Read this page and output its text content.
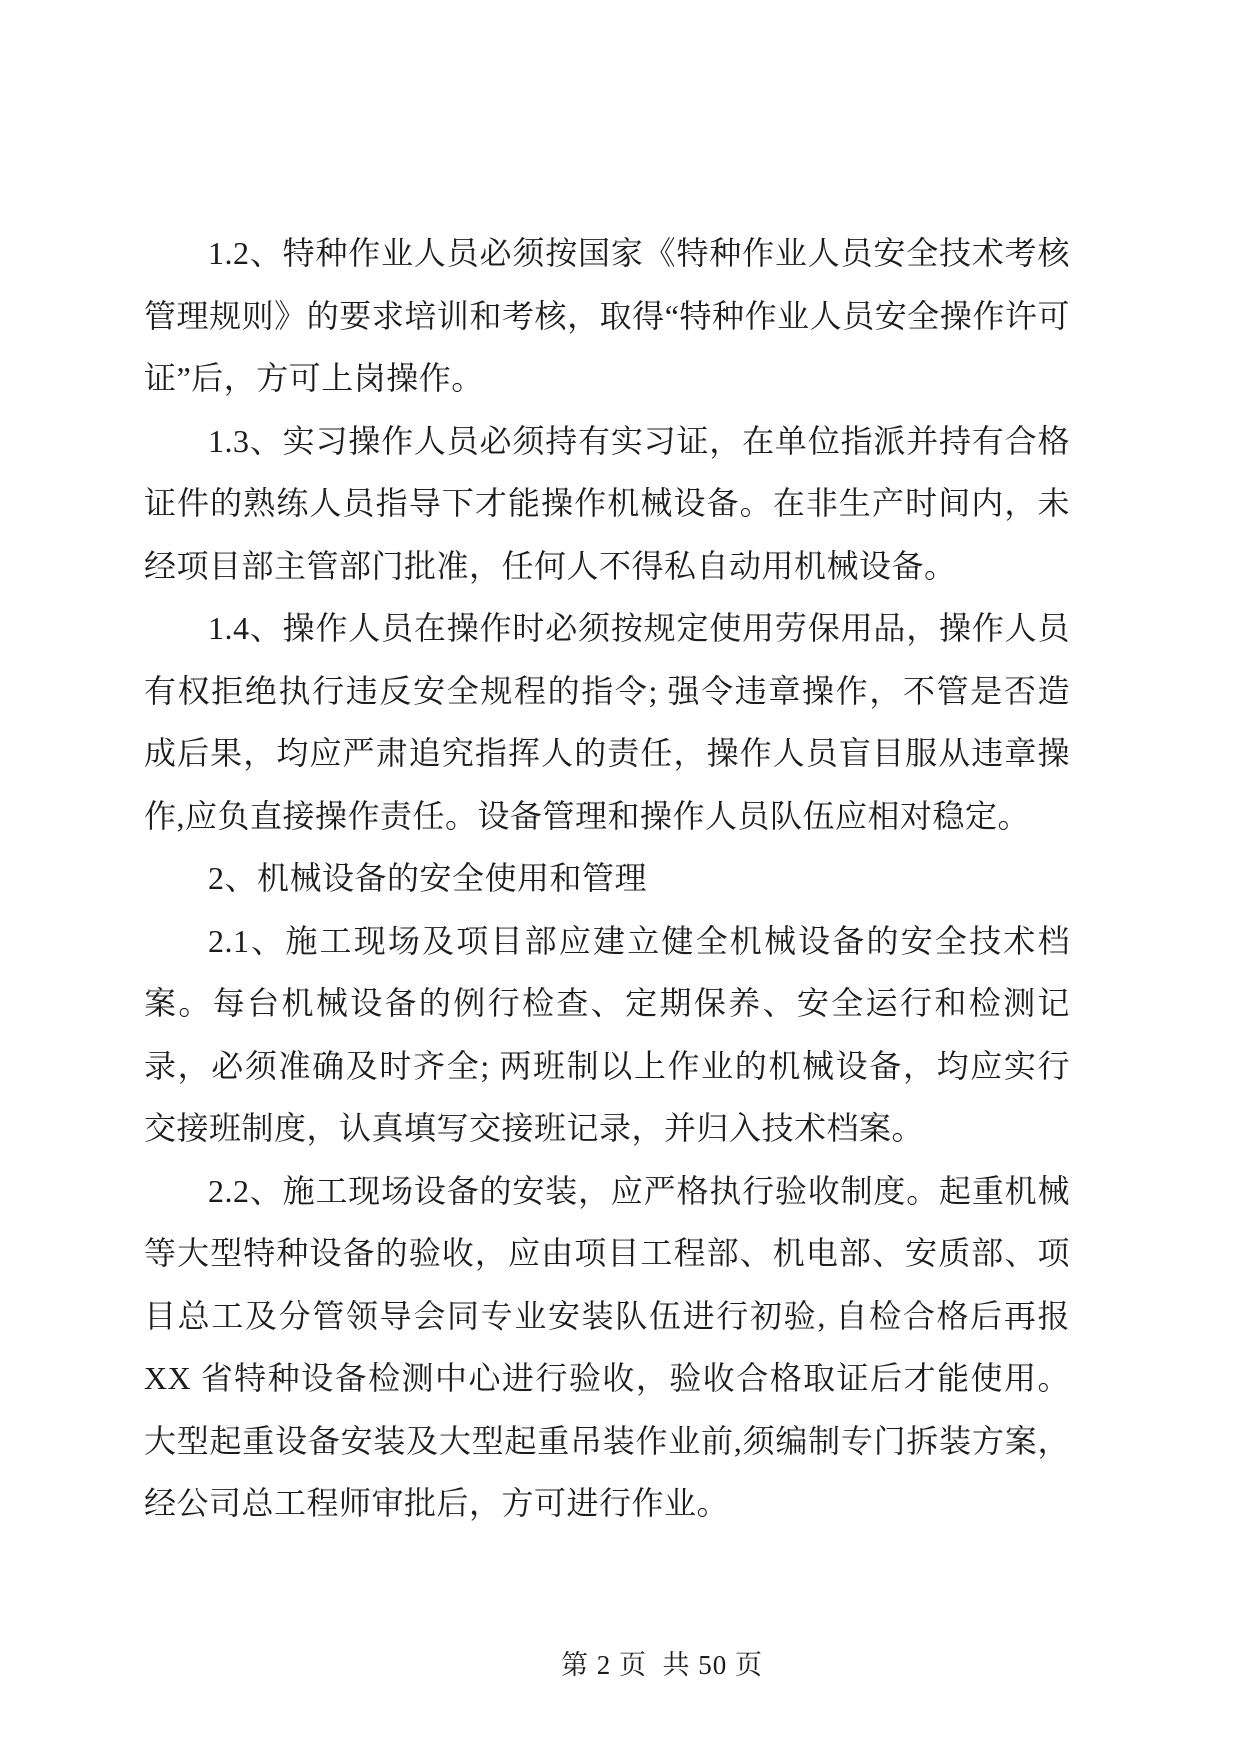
1.2、特种作业人员必须按国家《特种作业人员安全技术考核管理规则》的要求培训和考核，取得“特种作业人员安全操作许可证”后，方可上岗操作。

1.3、实习操作人员必须持有实习证，在单位指派并持有合格证件的熟练人员指导下才能操作机械设备。在非生产时间内，未经项目部主管部门批准，任何人不得私自动用机械设备。

1.4、操作人员在操作时必须按规定使用劳保用品，操作人员有权拒绝执行违反安全规程的指令; 强令违章操作，不管是否造成后果，均应严肃追究指挥人的责任，操作人员盲目服从违章操作,应负直接操作责任。设备管理和操作人员队伍应相对稳定。

2、机械设备的安全使用和管理

2.1、施工现场及项目部应建立健全机械设备的安全技术档案。每台机械设备的例行检查、定期保养、安全运行和检测记录，必须准确及时齐全; 两班制以上作业的机械设备，均应实行交接班制度，认真填写交接班记录，并归入技术档案。

2.2、施工现场设备的安装，应严格执行验收制度。起重机械等大型特种设备的验收，应由项目工程部、机电部、安质部、项目总工及分管领导会同专业安装队伍进行初验, 自检合格后再报 XX 省特种设备检测中心进行验收，验收合格取证后才能使用。大型起重设备安装及大型起重吊装作业前,须编制专门拆装方案，经公司总工程师审批后，方可进行作业。

第 2 页  共 50 页
